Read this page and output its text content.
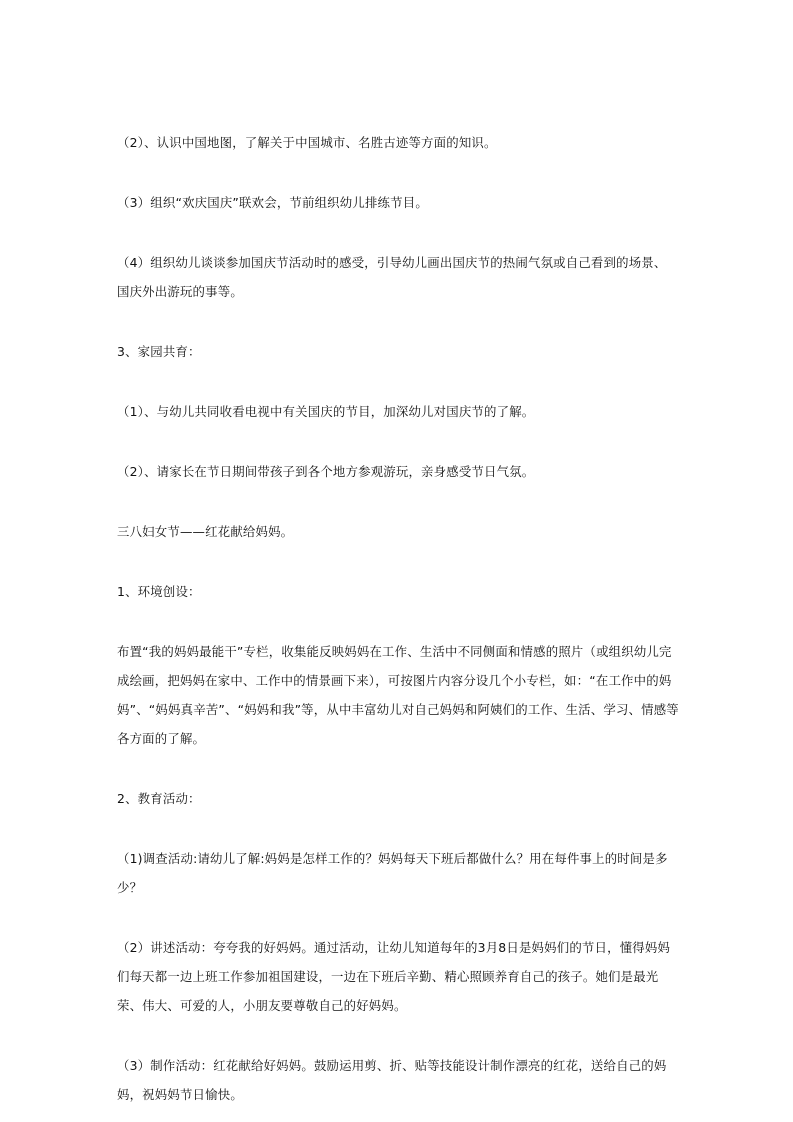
（2）、认识中国地图，了解关于中国城市、名胜古迹等方面的知识。

（3）组织“欢庆国庆”联欢会，节前组织幼儿排练节目。

（4）组织幼儿谈谈参加国庆节活动时的感受，引导幼儿画出国庆节的热闹气氛或自己看到的场景、国庆外出游玩的事等。

3、家园共育：

（1）、与幼儿共同收看电视中有关国庆的节目，加深幼儿对国庆节的了解。

（2）、请家长在节日期间带孩子到各个地方参观游玩，亲身感受节日气氛。

三八妇女节——红花献给妈妈。

1、环境创设：

布置“我的妈妈最能干”专栏，收集能反映妈妈在工作、生活中不同侧面和情感的照片（或组织幼儿完成绘画，把妈妈在家中、工作中的情景画下来），可按图片内容分设几个小专栏，如：“在工作中的妈妈”、“妈妈真辛苦”、“妈妈和我”等，从中丰富幼儿对自己妈妈和阿姨们的工作、生活、学习、情感等各方面的了解。

2、教育活动：

（1)调查活动:请幼儿了解:妈妈是怎样工作的？妈妈每天下班后都做什么？用在每件事上的时间是多少？

（2）讲述活动：夸夸我的好妈妈。通过活动，让幼儿知道每年的3月8日是妈妈们的节日，懂得妈妈们每天都一边上班工作参加祖国建设，一边在下班后辛勤、精心照顾养育自己的孩子。她们是最光荣、伟大、可爱的人，小朋友要尊敬自己的好妈妈。

（3）制作活动：红花献给好妈妈。鼓励运用剪、折、贴等技能设计制作漂亮的红花，送给自己的妈妈，祝妈妈节日愉快。
